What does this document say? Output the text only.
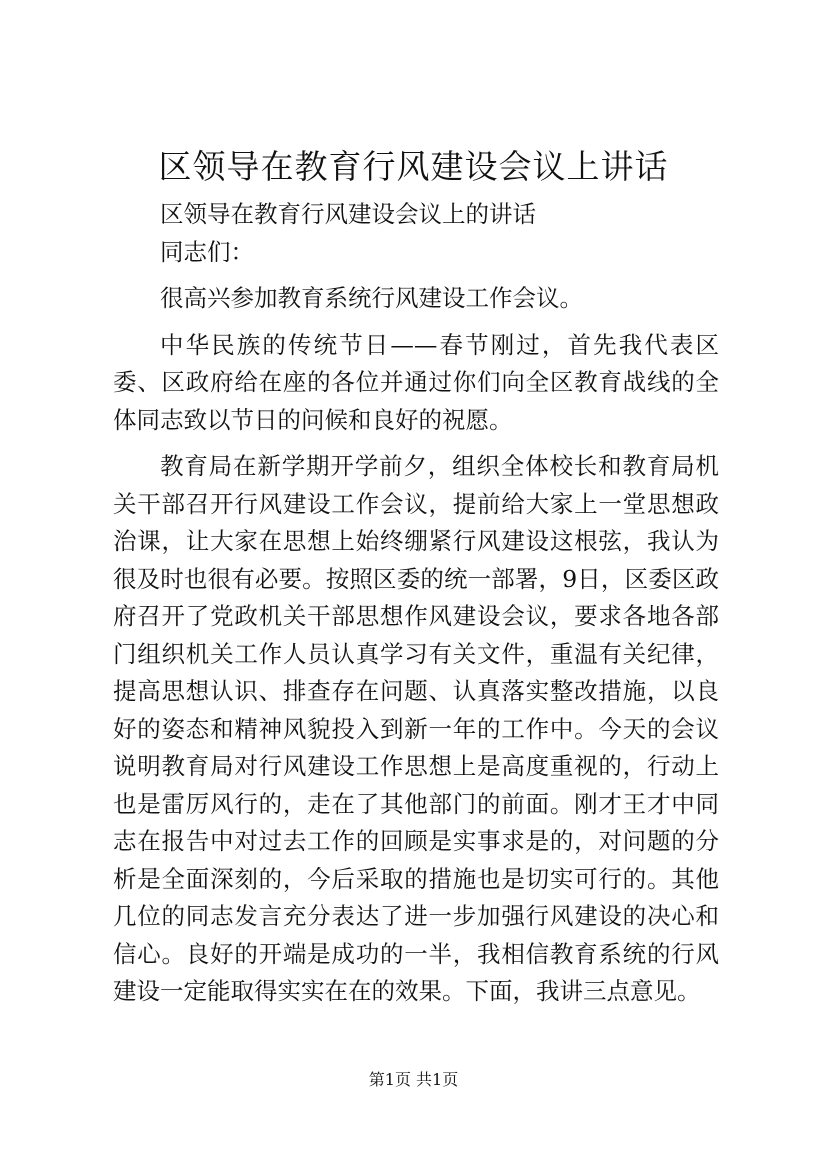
区领导在教育行风建设会议上讲话

区领导在教育行风建设会议上的讲话

同志们：

很高兴参加教育系统行风建设工作会议。

中华民族的传统节日——春节刚过，首先我代表区委、区政府给在座的各位并通过你们向全区教育战线的全体同志致以节日的问候和良好的祝愿。

教育局在新学期开学前夕，组织全体校长和教育局机关干部召开行风建设工作会议，提前给大家上一堂思想政治课，让大家在思想上始终绷紧行风建设这根弦，我认为很及时也很有必要。按照区委的统一部署，9日，区委区政府召开了党政机关干部思想作风建设会议，要求各地各部门组织机关工作人员认真学习有关文件，重温有关纪律，提高思想认识、排查存在问题、认真落实整改措施，以良好的姿态和精神风貌投入到新一年的工作中。今天的会议说明教育局对行风建设工作思想上是高度重视的，行动上也是雷厉风行的，走在了其他部门的前面。刚才王才中同志在报告中对过去工作的回顾是实事求是的，对问题的分析是全面深刻的，今后采取的措施也是切实可行的。其他几位的同志发言充分表达了进一步加强行风建设的决心和信心。良好的开端是成功的一半，我相信教育系统的行风建设一定能取得实实在在的效果。下面，我讲三点意见。

第1页 共1页
